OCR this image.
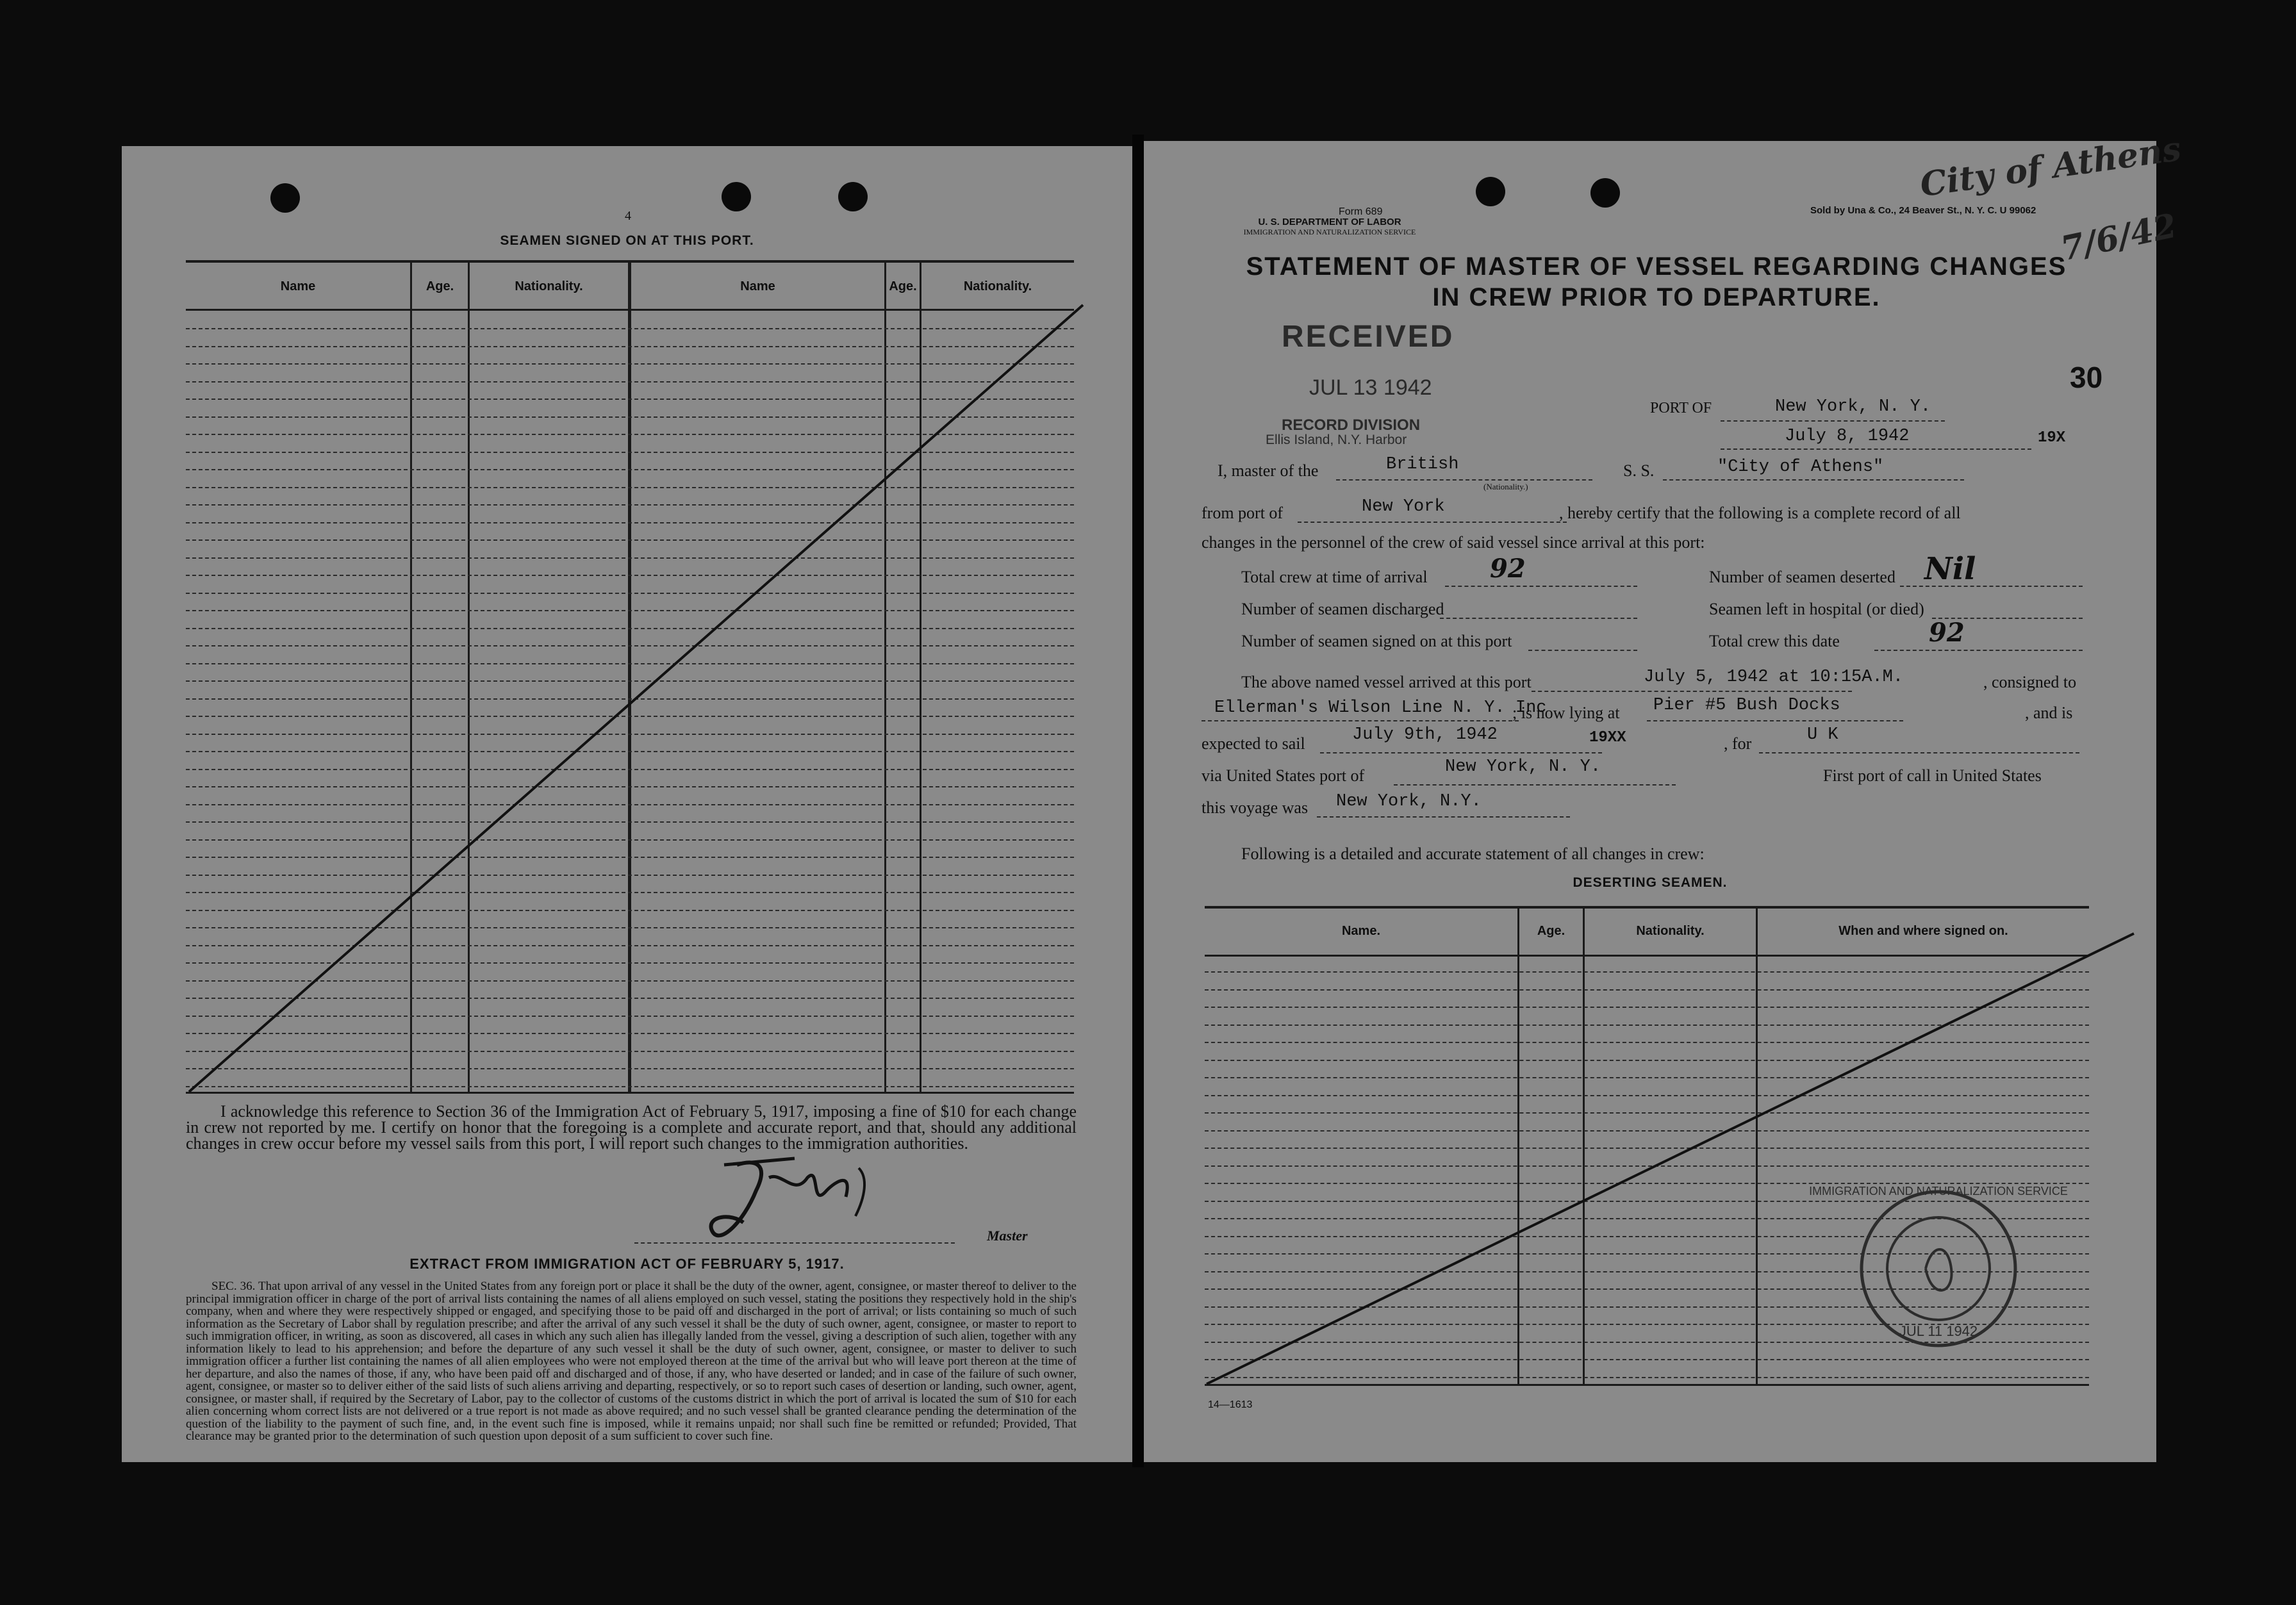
4
SEAMEN SIGNED ON AT THIS PORT.
Name	Age.	Nationality.	Name	Age.	Nationality.
I acknowledge this reference to Section 36 of the Immigration Act of February 5, 1917, imposing a fine of $10 for each change in crew not reported by me. I certify on honor that the foregoing is a complete and accurate report, and that, should any additional changes in crew occur before my vessel sails from this port, I will report such changes to the immigration authorities.
Master
EXTRACT FROM IMMIGRATION ACT OF FEBRUARY 5, 1917.
SEC. 36. That upon arrival of any vessel in the United States from any foreign port or place it shall be the duty of the owner, agent, consignee, or master thereof to deliver to the principal immigration officer in charge of the port of arrival lists containing the names of all aliens employed on such vessel, stating the positions they respectively hold in the ship's company, when and where they were respectively shipped or engaged, and specifying those to be paid off and discharged in the port of arrival; or lists containing so much of such information as the Secretary of Labor shall by regulation prescribe; and after the arrival of any such vessel it shall be the duty of such owner, agent, consignee, or master to report to such immigration officer, in writing, as soon as discovered, all cases in which any such alien has illegally landed from the vessel, giving a description of such alien, together with any information likely to lead to his apprehension; and before the departure of any such vessel it shall be the duty of such owner, agent, consignee, or master to deliver to such immigration officer a further list containing the names of all alien employees who were not employed thereon at the time of the arrival but who will leave port thereon at the time of her departure, and also the names of those, if any, who have been paid off and discharged and of those, if any, who have deserted or landed; and in case of the failure of such owner, agent, consignee, or master so to deliver either of the said lists of such aliens arriving and departing, respectively, or so to report such cases of desertion or landing, such owner, agent, consignee, or master shall, if required by the Secretary of Labor, pay to the collector of customs of the customs district in which the port of arrival is located the sum of $10 for each alien concerning whom correct lists are not delivered or a true report is not made as above required; and no such vessel shall be granted clearance pending the determination of the question of the liability to the payment of such fine, and, in the event such fine is imposed, while it remains unpaid; nor shall such fine be remitted or refunded; Provided, That clearance may be granted prior to the determination of such question upon deposit of a sum sufficient to cover such fine.
Form 689
U. S. DEPARTMENT OF LABOR
IMMIGRATION AND NATURALIZATION SERVICE
Sold by Una & Co., 24 Beaver St., N. Y. C. U 99062
City of Athens
7/6/42
STATEMENT OF MASTER OF VESSEL REGARDING CHANGES
IN CREW PRIOR TO DEPARTURE.
RECEIVED
JUL 13 1942
RECORD DIVISION
Ellis Island, N.Y. Harbor
30
PORT OF	New York, N. Y.
July 8, 1942	19X
I, master of the	British
(Nationality.)
S. S.	"City of Athens"
from port of	New York	, hereby certify that the following is a complete record of all
changes in the personnel of the crew of said vessel since arrival at this port:
Total crew at time of arrival 92	Number of seamen deserted Nil
Number of seamen discharged	Seamen left in hospital (or died)
Number of seamen signed on at this port	Total crew this date	92
The above named vessel arrived at this port	July 5, 1942 at 10:15A.M.	, consigned to
Ellerman's Wilson Line N. Y. Inc
; is now lying at Pier #5 Bush Docks	, and is
expected to sail	July 9th, 1942	19XX	, for	U K
via United States port of	New York, N. Y.	First port of call in United States
this voyage was New York, N.Y.
Following is a detailed and accurate statement of all changes in crew:
DESERTING SEAMEN.
Name.	Age.	Nationality.	When and where signed on.
IMMIGRATION AND NATURALIZATION SERVICE
JUL 11 1942
14—1613
